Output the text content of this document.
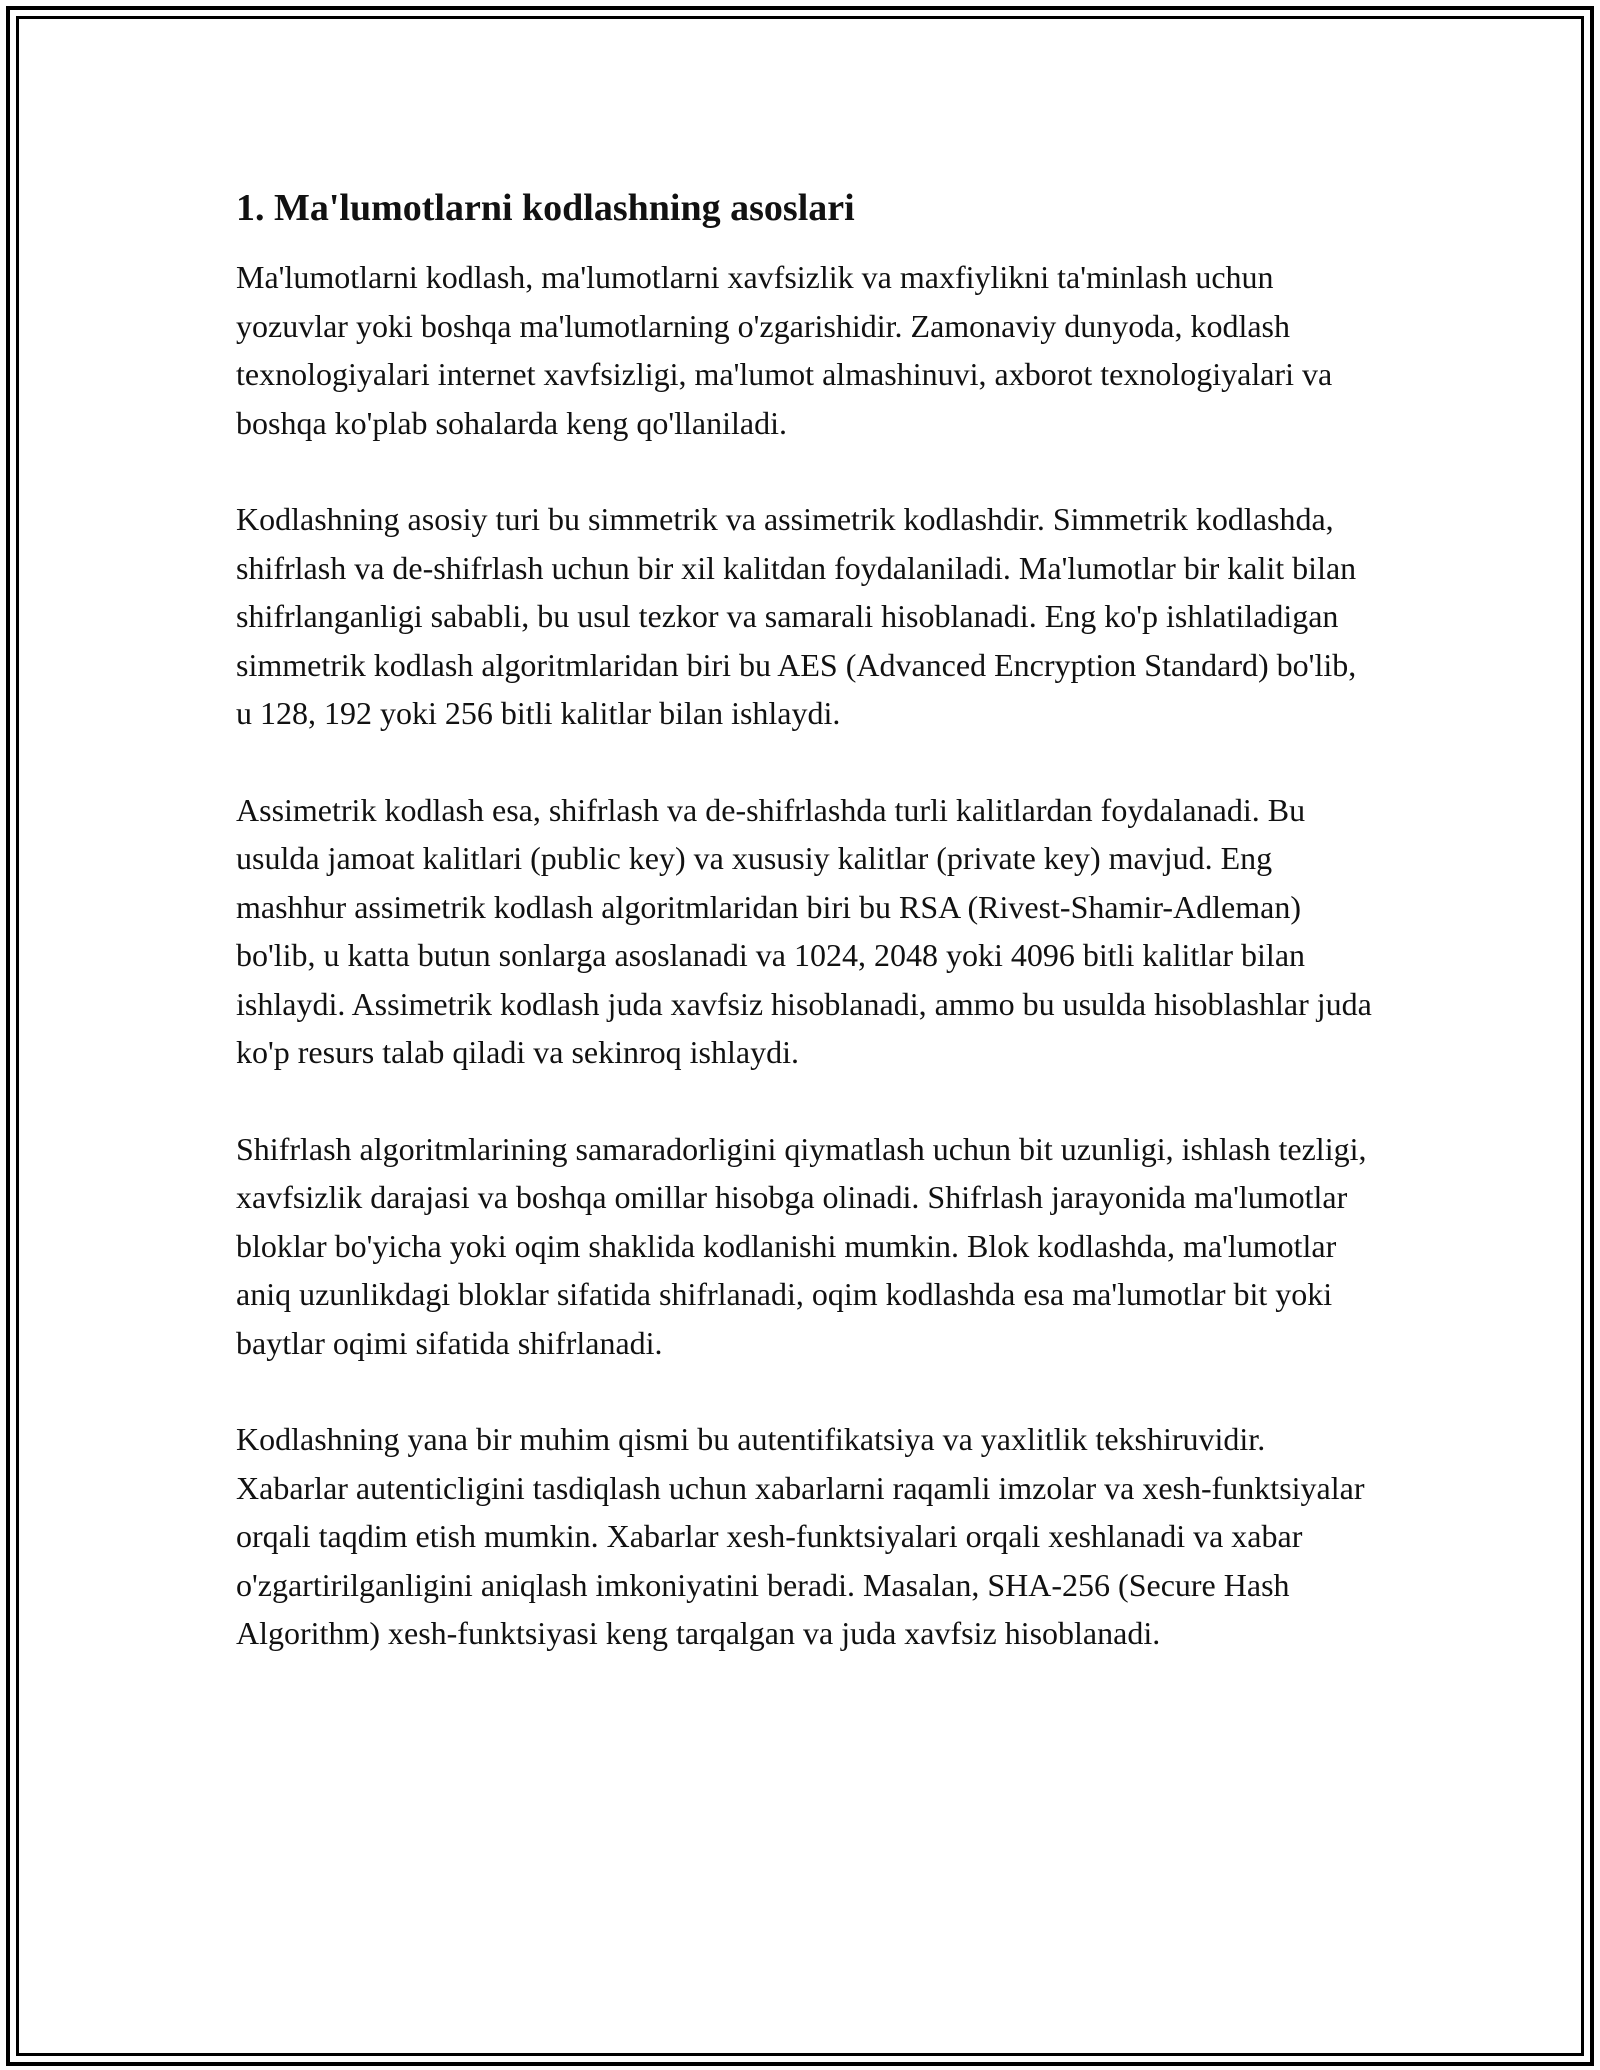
1. Ma'lumotlarni kodlashning asoslari

Ma'lumotlarni kodlash, ma'lumotlarni xavfsizlik va maxfiylikni ta'minlash uchun yozuvlar yoki boshqa ma'lumotlarning o'zgarishidir. Zamonaviy dunyoda, kodlash texnologiyalari internet xavfsizligi, ma'lumot almashinuvi, axborot texnologiyalari va boshqa ko'plab sohalarda keng qo'llaniladi.

Kodlashning asosiy turi bu simmetrik va assimetrik kodlashdir. Simmetrik kodlashda, shifrlash va de-shifrlash uchun bir xil kalitdan foydalaniladi. Ma'lumotlar bir kalit bilan shifrlanganligi sababli, bu usul tezkor va samarali hisoblanadi. Eng ko'p ishlatiladigan simmetrik kodlash algoritmlaridan biri bu AES (Advanced Encryption Standard) bo'lib, u 128, 192 yoki 256 bitli kalitlar bilan ishlaydi.

Assimetrik kodlash esa, shifrlash va de-shifrlashda turli kalitlardan foydalanadi. Bu usulda jamoat kalitlari (public key) va xususiy kalitlar (private key) mavjud. Eng mashhur assimetrik kodlash algoritmlaridan biri bu RSA (Rivest-Shamir-Adleman) bo'lib, u katta butun sonlarga asoslanadi va 1024, 2048 yoki 4096 bitli kalitlar bilan ishlaydi. Assimetrik kodlash juda xavfsiz hisoblanadi, ammo bu usulda hisoblashlar juda ko'p resurs talab qiladi va sekinroq ishlaydi.

Shifrlash algoritmlarining samaradorligini qiymatlash uchun bit uzunligi, ishlash tezligi, xavfsizlik darajasi va boshqa omillar hisobga olinadi. Shifrlash jarayonida ma'lumotlar bloklar bo'yicha yoki oqim shaklida kodlanishi mumkin. Blok kodlashda, ma'lumotlar aniq uzunlikdagi bloklar sifatida shifrlanadi, oqim kodlashda esa ma'lumotlar bit yoki baytlar oqimi sifatida shifrlanadi.

Kodlashning yana bir muhim qismi bu autentifikatsiya va yaxlitlik tekshiruvidir. Xabarlar autenticligini tasdiqlash uchun xabarlarni raqamli imzolar va xesh-funktsiyalar orqali taqdim etish mumkin. Xabarlar xesh-funktsiyalari orqali xeshlanadi va xabar o'zgartirilganligini aniqlash imkoniyatini beradi. Masalan, SHA-256 (Secure Hash Algorithm) xesh-funktsiyasi keng tarqalgan va juda xavfsiz hisoblanadi.
